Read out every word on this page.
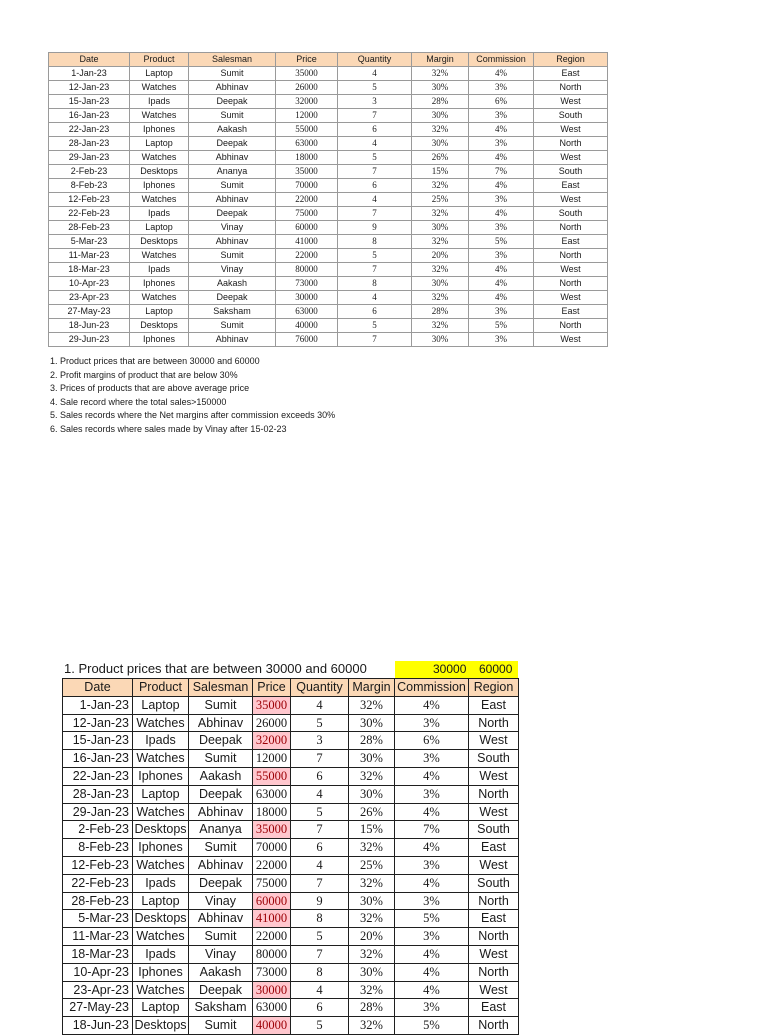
Date	Product	Salesman	Price	Quantity	Margin	Commission	Region
1-Jan-23	Laptop	Sumit	35000	4	32%	4%	East
12-Jan-23	Watches	Abhinav	26000	5	30%	3%	North
15-Jan-23	Ipads	Deepak	32000	3	28%	6%	West
16-Jan-23	Watches	Sumit	12000	7	30%	3%	South
22-Jan-23	Iphones	Aakash	55000	6	32%	4%	West
28-Jan-23	Laptop	Deepak	63000	4	30%	3%	North
29-Jan-23	Watches	Abhinav	18000	5	26%	4%	West
2-Feb-23	Desktops	Ananya	35000	7	15%	7%	South
8-Feb-23	Iphones	Sumit	70000	6	32%	4%	East
12-Feb-23	Watches	Abhinav	22000	4	25%	3%	West
22-Feb-23	Ipads	Deepak	75000	7	32%	4%	South
28-Feb-23	Laptop	Vinay	60000	9	30%	3%	North
5-Mar-23	Desktops	Abhinav	41000	8	32%	5%	East
11-Mar-23	Watches	Sumit	22000	5	20%	3%	North
18-Mar-23	Ipads	Vinay	80000	7	32%	4%	West
10-Apr-23	Iphones	Aakash	73000	8	30%	4%	North
23-Apr-23	Watches	Deepak	30000	4	32%	4%	West
27-May-23	Laptop	Saksham	63000	6	28%	3%	East
18-Jun-23	Desktops	Sumit	40000	5	32%	5%	North
29-Jun-23	Iphones	Abhinav	76000	7	30%	3%	West
1. Product prices that are between 30000 and 60000
2. Profit margins of product that are below 30%
3. Prices of products that are above average price
4. Sale record where the total sales>150000
5. Sales records where the Net margins after commission exceeds 30%
6. Sales records where sales made by Vinay after 15-02-23
1. Product prices that are between 30000 and 60000	30000 60000
Date	Product	Salesman	Price	Quantity	Margin	Commission	Region
1-Jan-23	Laptop	Sumit	35000	4	32%	4%	East
12-Jan-23	Watches	Abhinav	26000	5	30%	3%	North
15-Jan-23	Ipads	Deepak	32000	3	28%	6%	West
16-Jan-23	Watches	Sumit	12000	7	30%	3%	South
22-Jan-23	Iphones	Aakash	55000	6	32%	4%	West
28-Jan-23	Laptop	Deepak	63000	4	30%	3%	North
29-Jan-23	Watches	Abhinav	18000	5	26%	4%	West
2-Feb-23	Desktops	Ananya	35000	7	15%	7%	South
8-Feb-23	Iphones	Sumit	70000	6	32%	4%	East
12-Feb-23	Watches	Abhinav	22000	4	25%	3%	West
22-Feb-23	Ipads	Deepak	75000	7	32%	4%	South
28-Feb-23	Laptop	Vinay	60000	9	30%	3%	North
5-Mar-23	Desktops	Abhinav	41000	8	32%	5%	East
11-Mar-23	Watches	Sumit	22000	5	20%	3%	North
18-Mar-23	Ipads	Vinay	80000	7	32%	4%	West
10-Apr-23	Iphones	Aakash	73000	8	30%	4%	North
23-Apr-23	Watches	Deepak	30000	4	32%	4%	West
27-May-23	Laptop	Saksham	63000	6	28%	3%	East
18-Jun-23	Desktops	Sumit	40000	5	32%	5%	North
